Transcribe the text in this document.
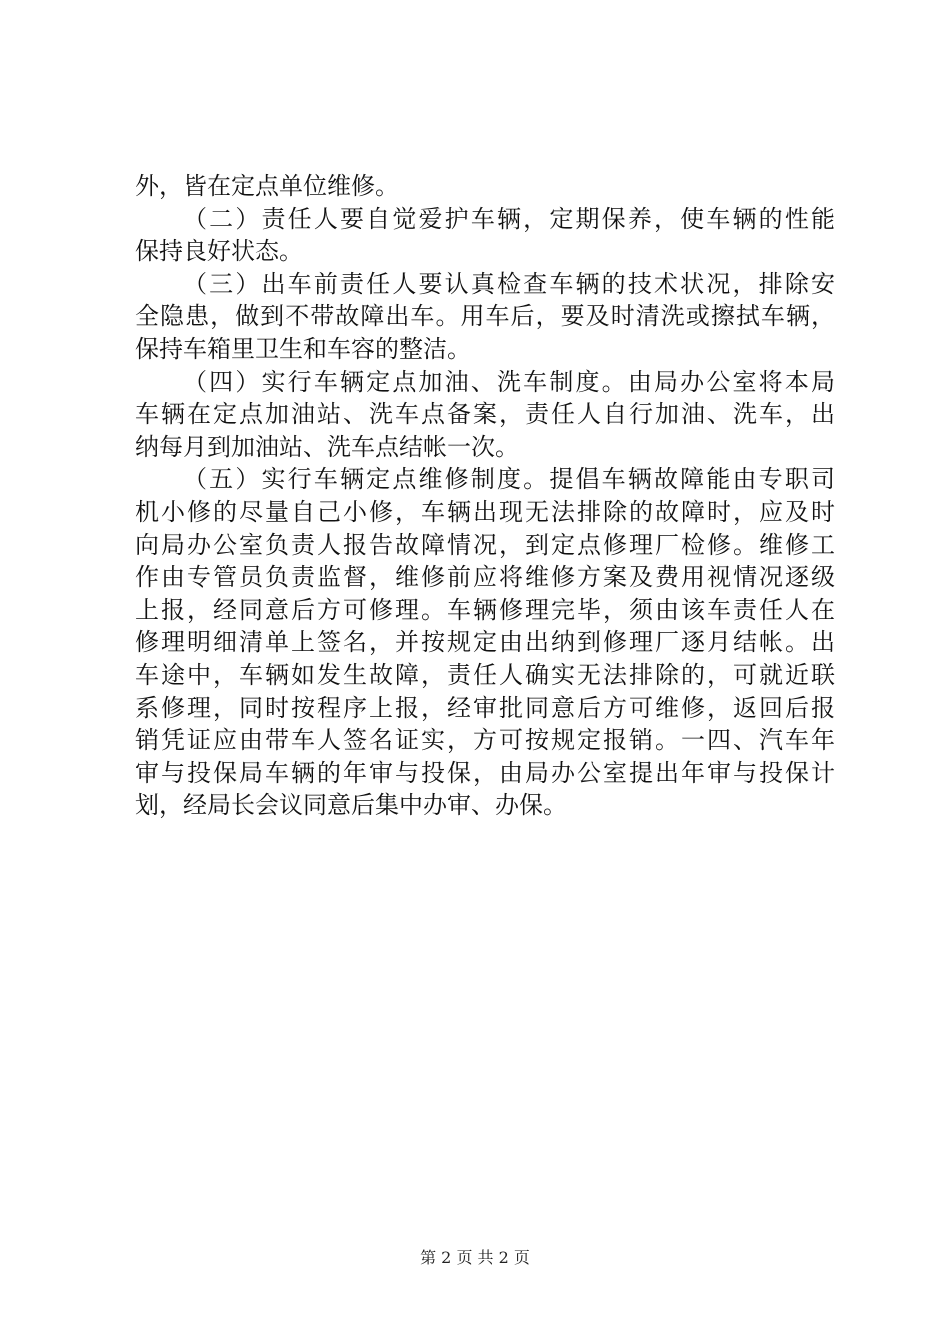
外，皆在定点单位维修。
（二）责任人要自觉爱护车辆，定期保养，使车辆的性能
保持良好状态。
（三）出车前责任人要认真检查车辆的技术状况，排除安
全隐患，做到不带故障出车。用车后，要及时清洗或擦拭车辆，
保持车箱里卫生和车容的整洁。
（四）实行车辆定点加油、洗车制度。由局办公室将本局
车辆在定点加油站、洗车点备案，责任人自行加油、洗车，出
纳每月到加油站、洗车点结帐一次。
（五）实行车辆定点维修制度。提倡车辆故障能由专职司
机小修的尽量自己小修，车辆出现无法排除的故障时，应及时
向局办公室负责人报告故障情况，到定点修理厂检修。维修工
作由专管员负责监督，维修前应将维修方案及费用视情况逐级
上报，经同意后方可修理。车辆修理完毕，须由该车责任人在
修理明细清单上签名，并按规定由出纳到修理厂逐月结帐。出
车途中，车辆如发生故障，责任人确实无法排除的，可就近联
系修理，同时按程序上报，经审批同意后方可维修，返回后报
销凭证应由带车人签名证实，方可按规定报销。一四、汽车年
审与投保局车辆的年审与投保，由局办公室提出年审与投保计
划，经局长会议同意后集中办审、办保。
第 2 页 共 2 页
